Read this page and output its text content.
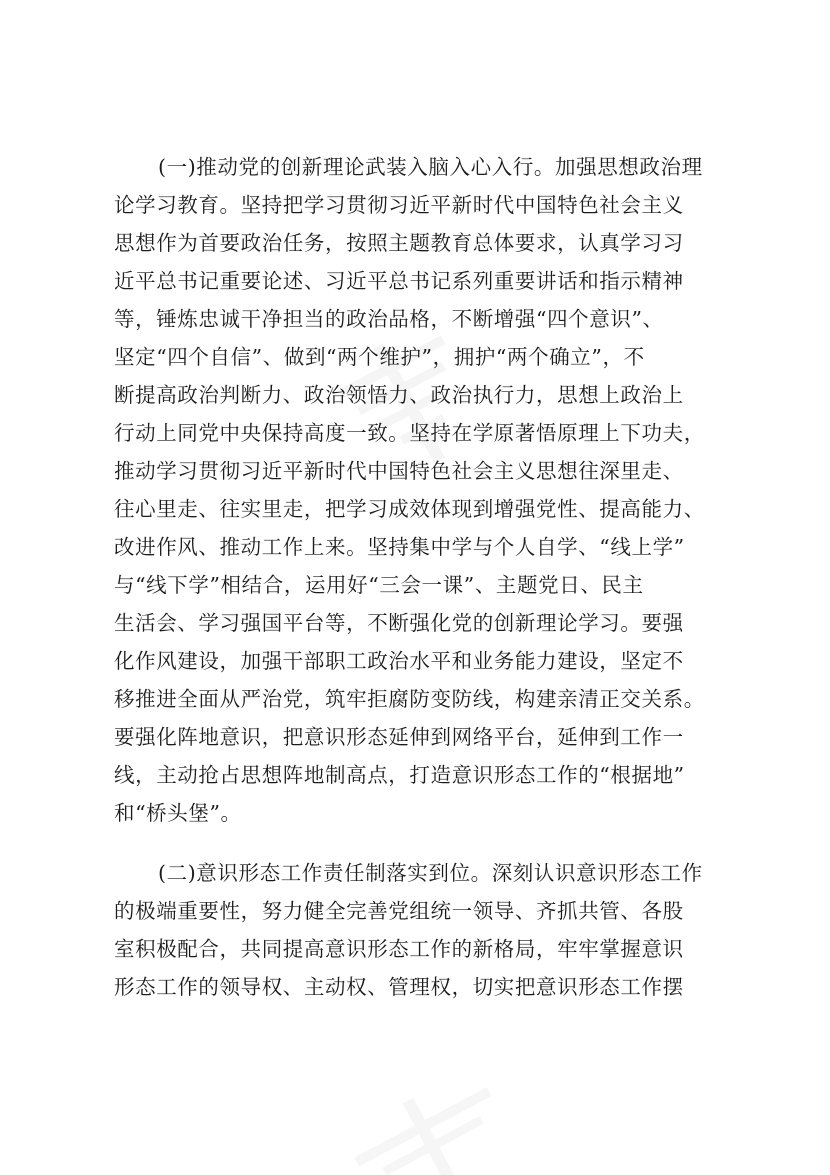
(一)推动党的创新理论武装入脑入心入行。加强思想政治理
论学习教育。坚持把学习贯彻习近平新时代中国特色社会主义
思想作为首要政治任务，按照主题教育总体要求，认真学习习
近平总书记重要论述、习近平总书记系列重要讲话和指示精神
等，锤炼忠诚干净担当的政治品格，不断增强“四个意识”、
坚定“四个自信”、做到“两个维护”，拥护“两个确立”，不
断提高政治判断力、政治领悟力、政治执行力，思想上政治上
行动上同党中央保持高度一致。坚持在学原著悟原理上下功夫，
推动学习贯彻习近平新时代中国特色社会主义思想往深里走、
往心里走、往实里走，把学习成效体现到增强党性、提高能力、
改进作风、推动工作上来。坚持集中学与个人自学、“线上学”
与“线下学”相结合，运用好“三会一课”、主题党日、民主
生活会、学习强国平台等，不断强化党的创新理论学习。要强
化作风建设，加强干部职工政治水平和业务能力建设，坚定不
移推进全面从严治党，筑牢拒腐防变防线，构建亲清正交关系。
要强化阵地意识，把意识形态延伸到网络平台，延伸到工作一
线，主动抢占思想阵地制高点，打造意识形态工作的“根据地”
和“桥头堡”。
(二)意识形态工作责任制落实到位。深刻认识意识形态工作
的极端重要性，努力健全完善党组统一领导、齐抓共管、各股
室积极配合，共同提高意识形态工作的新格局，牢牢掌握意识
形态工作的领导权、主动权、管理权，切实把意识形态工作摆
